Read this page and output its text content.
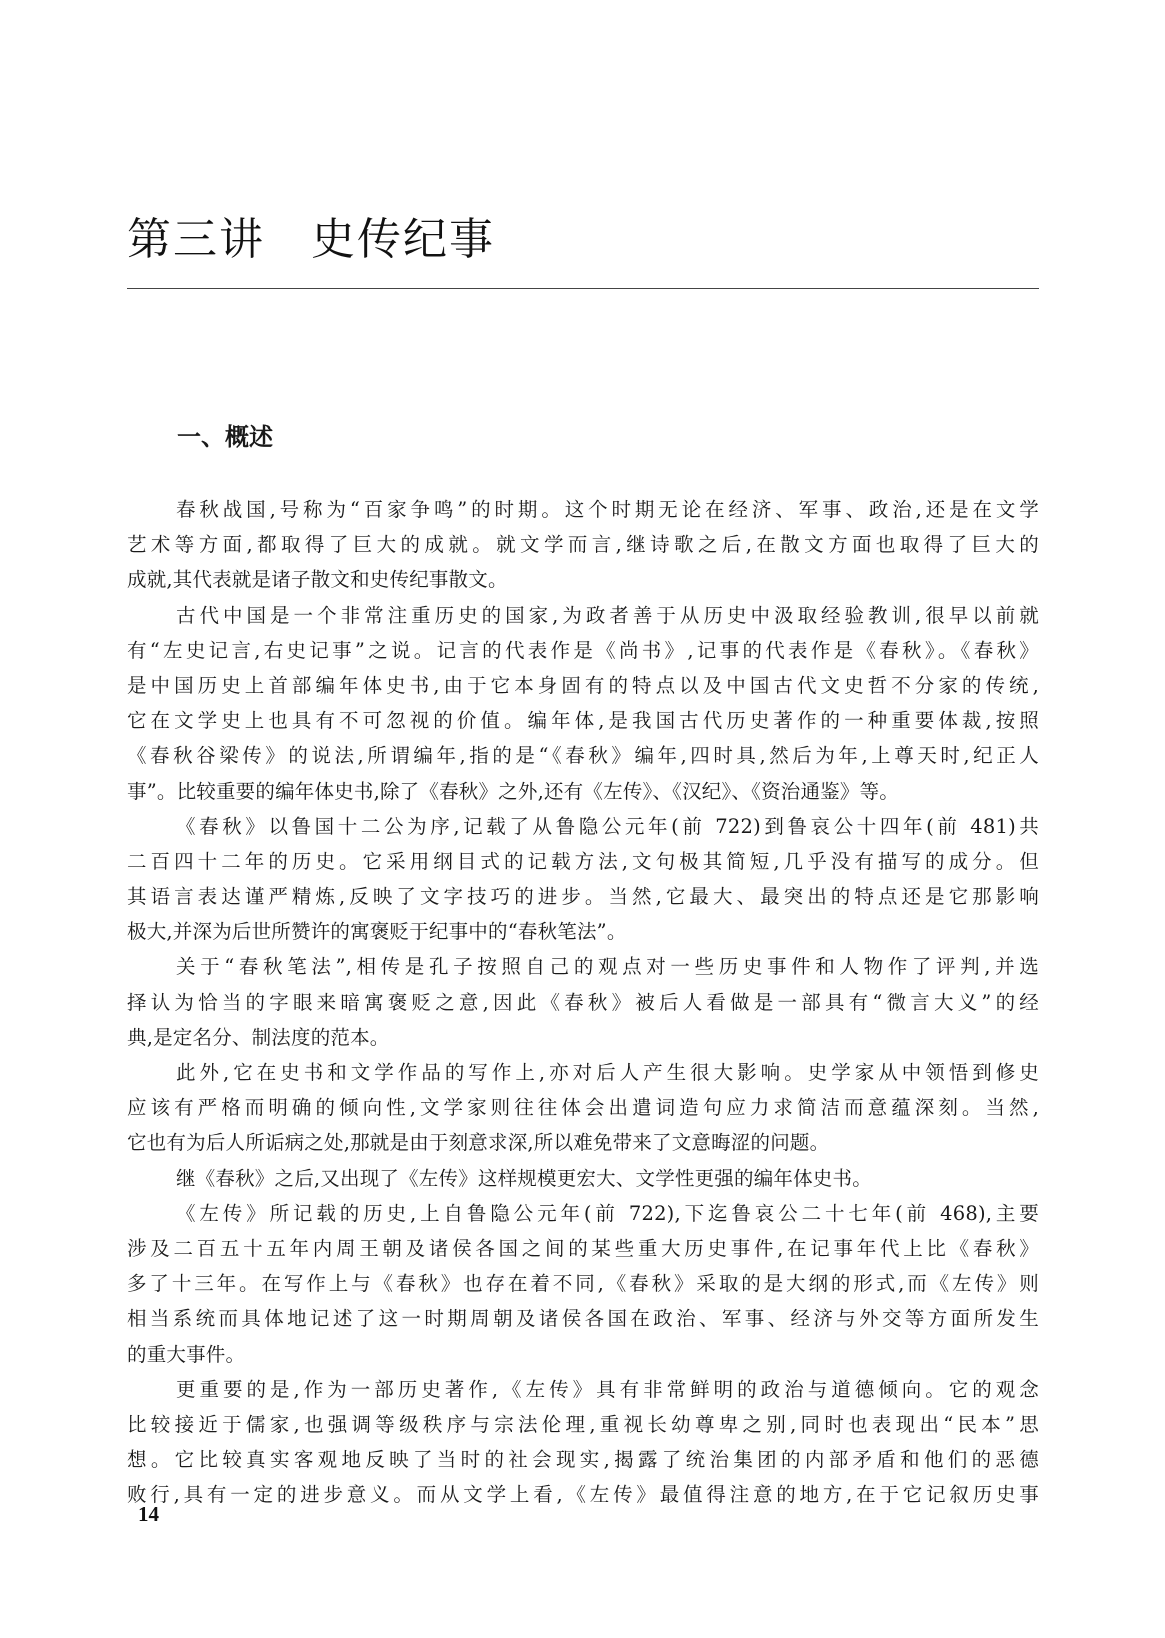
第三讲　史传纪事
一、概述
春秋战国,号称为“百家争鸣”的时期。这个时期无论在经济、军事、政治,还是在文学
艺术等方面,都取得了巨大的成就。就文学而言,继诗歌之后,在散文方面也取得了巨大的
成就,其代表就是诸子散文和史传纪事散文。
古代中国是一个非常注重历史的国家,为政者善于从历史中汲取经验教训,很早以前就
有“左史记言,右史记事”之说。记言的代表作是《尚书》,记事的代表作是《春秋》。《春秋》
是中国历史上首部编年体史书,由于它本身固有的特点以及中国古代文史哲不分家的传统,
它在文学史上也具有不可忽视的价值。编年体,是我国古代历史著作的一种重要体裁,按照
《春秋谷梁传》的说法,所谓编年,指的是“《春秋》编年,四时具,然后为年,上尊天时,纪正人
事”。比较重要的编年体史书,除了《春秋》之外,还有《左传》、《汉纪》、《资治通鉴》等。
《春秋》以鲁国十二公为序,记载了从鲁隐公元年(前 722)到鲁哀公十四年(前 481)共
二百四十二年的历史。它采用纲目式的记载方法,文句极其简短,几乎没有描写的成分。但
其语言表达谨严精炼,反映了文字技巧的进步。当然,它最大、最突出的特点还是它那影响
极大,并深为后世所赞许的寓褒贬于纪事中的“春秋笔法”。
关于“春秋笔法”,相传是孔子按照自己的观点对一些历史事件和人物作了评判,并选
择认为恰当的字眼来暗寓褒贬之意,因此《春秋》被后人看做是一部具有“微言大义”的经
典,是定名分、制法度的范本。
此外,它在史书和文学作品的写作上,亦对后人产生很大影响。史学家从中领悟到修史
应该有严格而明确的倾向性,文学家则往往体会出遣词造句应力求简洁而意蕴深刻。当然,
它也有为后人所诟病之处,那就是由于刻意求深,所以难免带来了文意晦涩的问题。
继《春秋》之后,又出现了《左传》这样规模更宏大、文学性更强的编年体史书。
《左传》所记载的历史,上自鲁隐公元年(前 722),下迄鲁哀公二十七年(前 468),主要
涉及二百五十五年内周王朝及诸侯各国之间的某些重大历史事件,在记事年代上比《春秋》
多了十三年。在写作上与《春秋》也存在着不同,《春秋》采取的是大纲的形式,而《左传》则
相当系统而具体地记述了这一时期周朝及诸侯各国在政治、军事、经济与外交等方面所发生
的重大事件。
更重要的是,作为一部历史著作,《左传》具有非常鲜明的政治与道德倾向。它的观念
比较接近于儒家,也强调等级秩序与宗法伦理,重视长幼尊卑之别,同时也表现出“民本”思
想。它比较真实客观地反映了当时的社会现实,揭露了统治集团的内部矛盾和他们的恶德
败行,具有一定的进步意义。而从文学上看,《左传》最值得注意的地方,在于它记叙历史事
14
